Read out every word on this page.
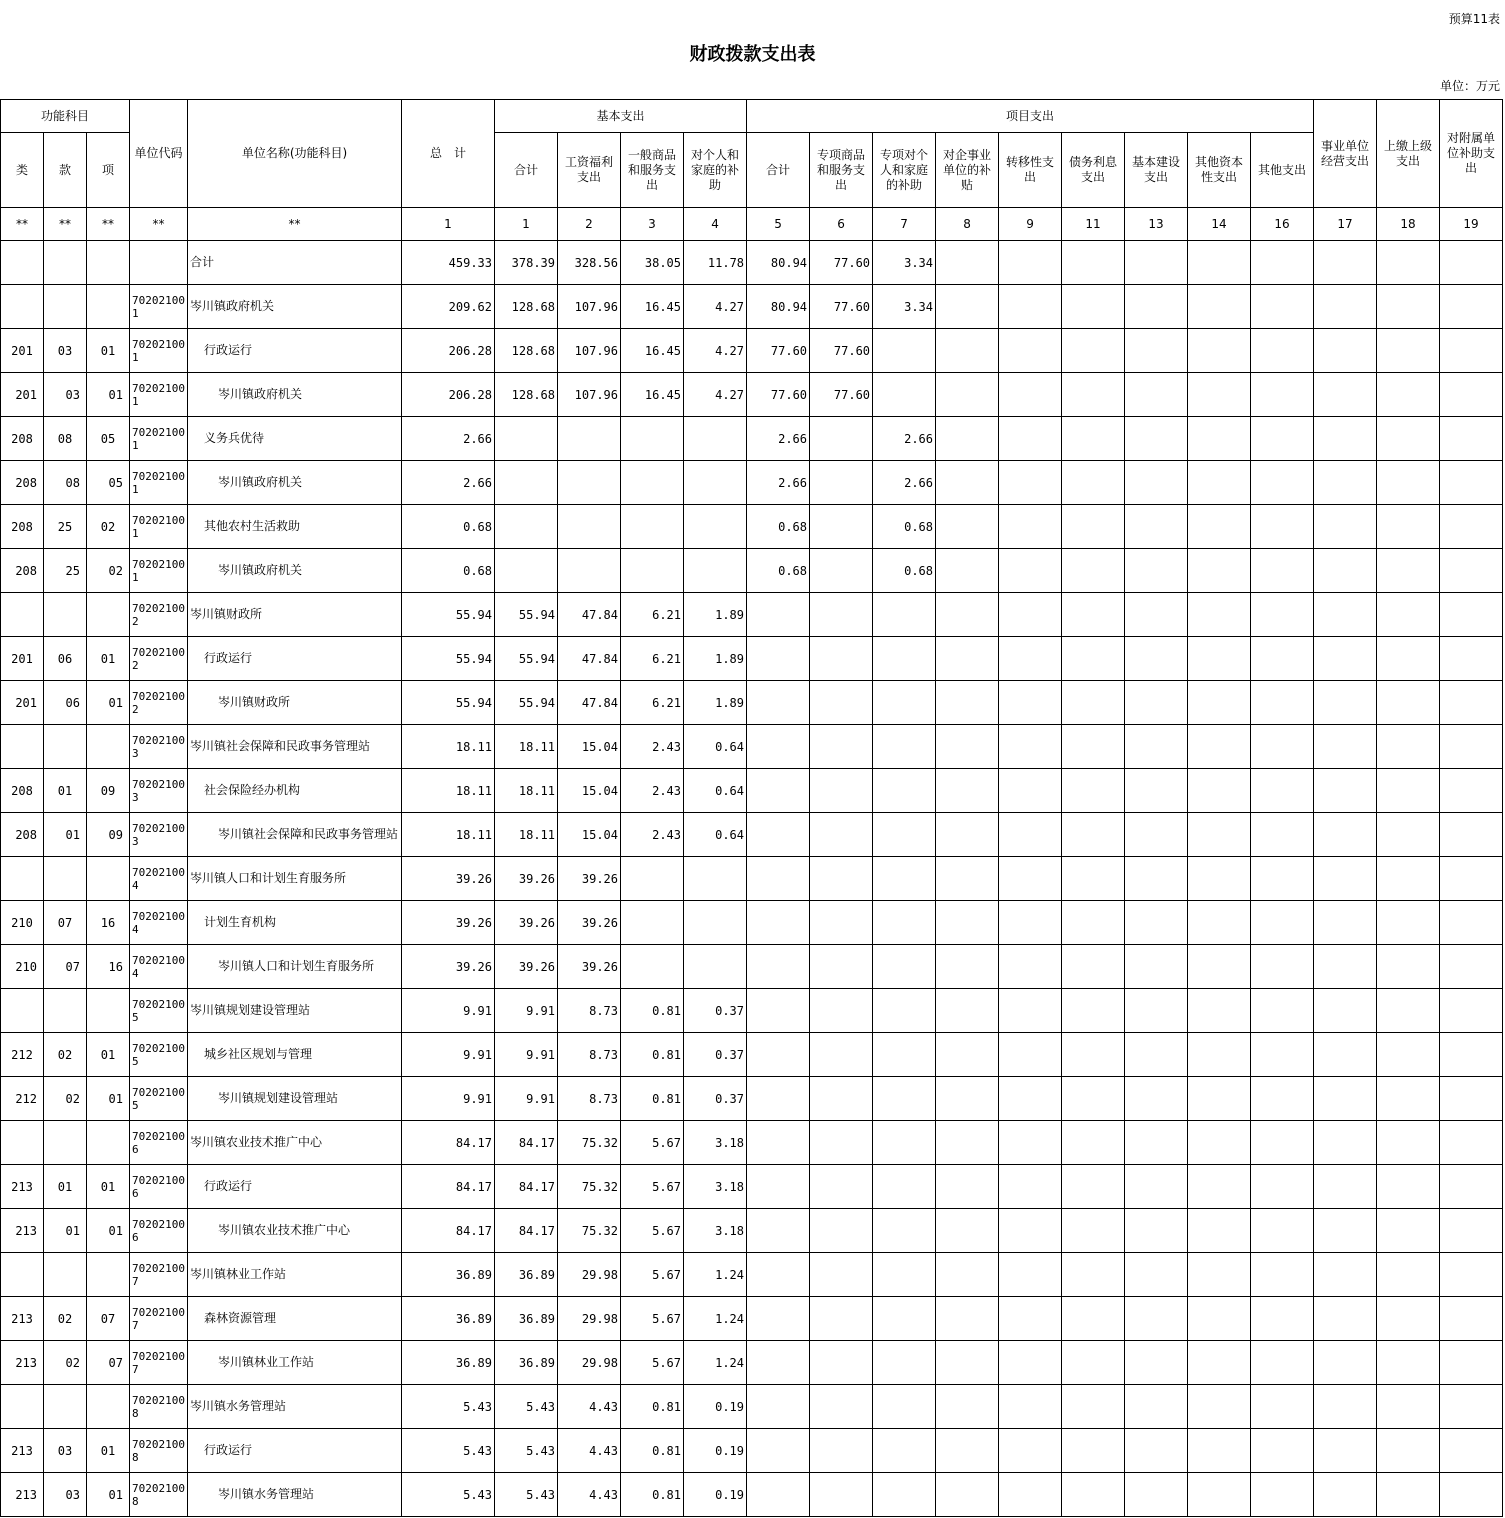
预算11表
财政拨款支出表
单位：万元
功能科目			单位代码	单位名称(功能科目)	总　计	基本支出				项目支出									事业单位经营支出	上缴上级支出	对附属单位补助支出
类	款	项				合计	工资福利支出	一般商品和服务支出	对个人和家庭的补助	合计	专项商品和服务支出	专项对个人和家庭的补助	对企事业单位的补贴	转移性支出	债务利息支出	基本建设支出	其他资本性支出	其他支出			
**	**	**	**	**	1	1	2	3	4	5	6	7	8	9	11	13	14	16	17	18	19
				合计	459.33	378.39	328.56	38.05	11.78	80.94	77.60	3.34									
			702021001	岑川镇政府机关	209.62	128.68	107.96	16.45	4.27	80.94	77.60	3.34									
201	03	01	702021001	行政运行	206.28	128.68	107.96	16.45	4.27	77.60	77.60										
201	03	01	702021001	岑川镇政府机关	206.28	128.68	107.96	16.45	4.27	77.60	77.60										
208	08	05	702021001	义务兵优待	2.66					2.66		2.66									
208	08	05	702021001	岑川镇政府机关	2.66					2.66		2.66									
208	25	02	702021001	其他农村生活救助	0.68					0.68		0.68									
208	25	02	702021001	岑川镇政府机关	0.68					0.68		0.68									
			702021002	岑川镇财政所	55.94	55.94	47.84	6.21	1.89												
201	06	01	702021002	行政运行	55.94	55.94	47.84	6.21	1.89												
201	06	01	702021002	岑川镇财政所	55.94	55.94	47.84	6.21	1.89												
			702021003	岑川镇社会保障和民政事务管理站	18.11	18.11	15.04	2.43	0.64												
208	01	09	702021003	社会保险经办机构	18.11	18.11	15.04	2.43	0.64												
208	01	09	702021003	岑川镇社会保障和民政事务管理站	18.11	18.11	15.04	2.43	0.64												
			702021004	岑川镇人口和计划生育服务所	39.26	39.26	39.26														
210	07	16	702021004	计划生育机构	39.26	39.26	39.26														
210	07	16	702021004	岑川镇人口和计划生育服务所	39.26	39.26	39.26														
			702021005	岑川镇规划建设管理站	9.91	9.91	8.73	0.81	0.37												
212	02	01	702021005	城乡社区规划与管理	9.91	9.91	8.73	0.81	0.37												
212	02	01	702021005	岑川镇规划建设管理站	9.91	9.91	8.73	0.81	0.37												
			702021006	岑川镇农业技术推广中心	84.17	84.17	75.32	5.67	3.18												
213	01	01	702021006	行政运行	84.17	84.17	75.32	5.67	3.18												
213	01	01	702021006	岑川镇农业技术推广中心	84.17	84.17	75.32	5.67	3.18												
			702021007	岑川镇林业工作站	36.89	36.89	29.98	5.67	1.24												
213	02	07	702021007	森林资源管理	36.89	36.89	29.98	5.67	1.24												
213	02	07	702021007	岑川镇林业工作站	36.89	36.89	29.98	5.67	1.24												
			702021008	岑川镇水务管理站	5.43	5.43	4.43	0.81	0.19												
213	03	01	702021008	行政运行	5.43	5.43	4.43	0.81	0.19												
213	03	01	702021008	岑川镇水务管理站	5.43	5.43	4.43	0.81	0.19												
